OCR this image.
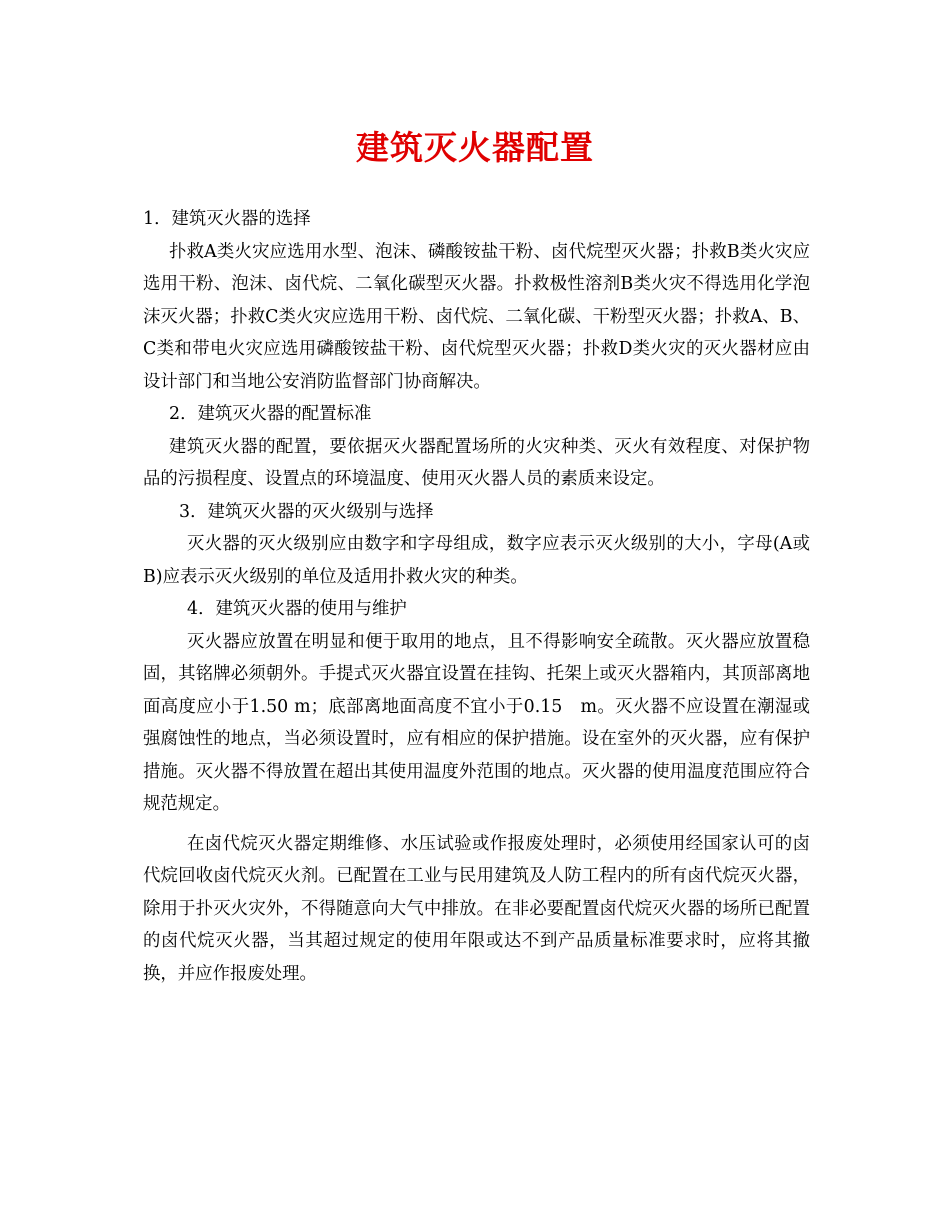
建筑灭火器配置

1．建筑灭火器的选择

扑救A类火灾应选用水型、泡沫、磷酸铵盐干粉、卤代烷型灭火器；扑救B类火灾应选用干粉、泡沫、卤代烷、二氧化碳型灭火器。扑救极性溶剂B类火灾不得选用化学泡沫灭火器；扑救C类火灾应选用干粉、卤代烷、二氧化碳、干粉型灭火器；扑救A、B、C类和带电火灾应选用磷酸铵盐干粉、卤代烷型灭火器；扑救D类火灾的灭火器材应由设计部门和当地公安消防监督部门协商解决。

2．建筑灭火器的配置标准

建筑灭火器的配置，要依据灭火器配置场所的火灾种类、灭火有效程度、对保护物品的污损程度、设置点的环境温度、使用灭火器人员的素质来设定。

3．建筑灭火器的灭火级别与选择

灭火器的灭火级别应由数字和字母组成，数字应表示灭火级别的大小，字母(A或B)应表示灭火级别的单位及适用扑救火灾的种类。

4．建筑灭火器的使用与维护

灭火器应放置在明显和便于取用的地点，且不得影响安全疏散。灭火器应放置稳固，其铭牌必须朝外。手提式灭火器宜设置在挂钩、托架上或灭火器箱内，其顶部离地面高度应小于1.50 m；底部离地面高度不宜小于0.15　m。灭火器不应设置在潮湿或强腐蚀性的地点，当必须设置时，应有相应的保护措施。设在室外的灭火器，应有保护措施。灭火器不得放置在超出其使用温度外范围的地点。灭火器的使用温度范围应符合规范规定。

在卤代烷灭火器定期维修、水压试验或作报废处理时，必须使用经国家认可的卤代烷回收卤代烷灭火剂。已配置在工业与民用建筑及人防工程内的所有卤代烷灭火器，除用于扑灭火灾外，不得随意向大气中排放。在非必要配置卤代烷灭火器的场所已配置的卤代烷灭火器，当其超过规定的使用年限或达不到产品质量标准要求时，应将其撤换，并应作报废处理。
